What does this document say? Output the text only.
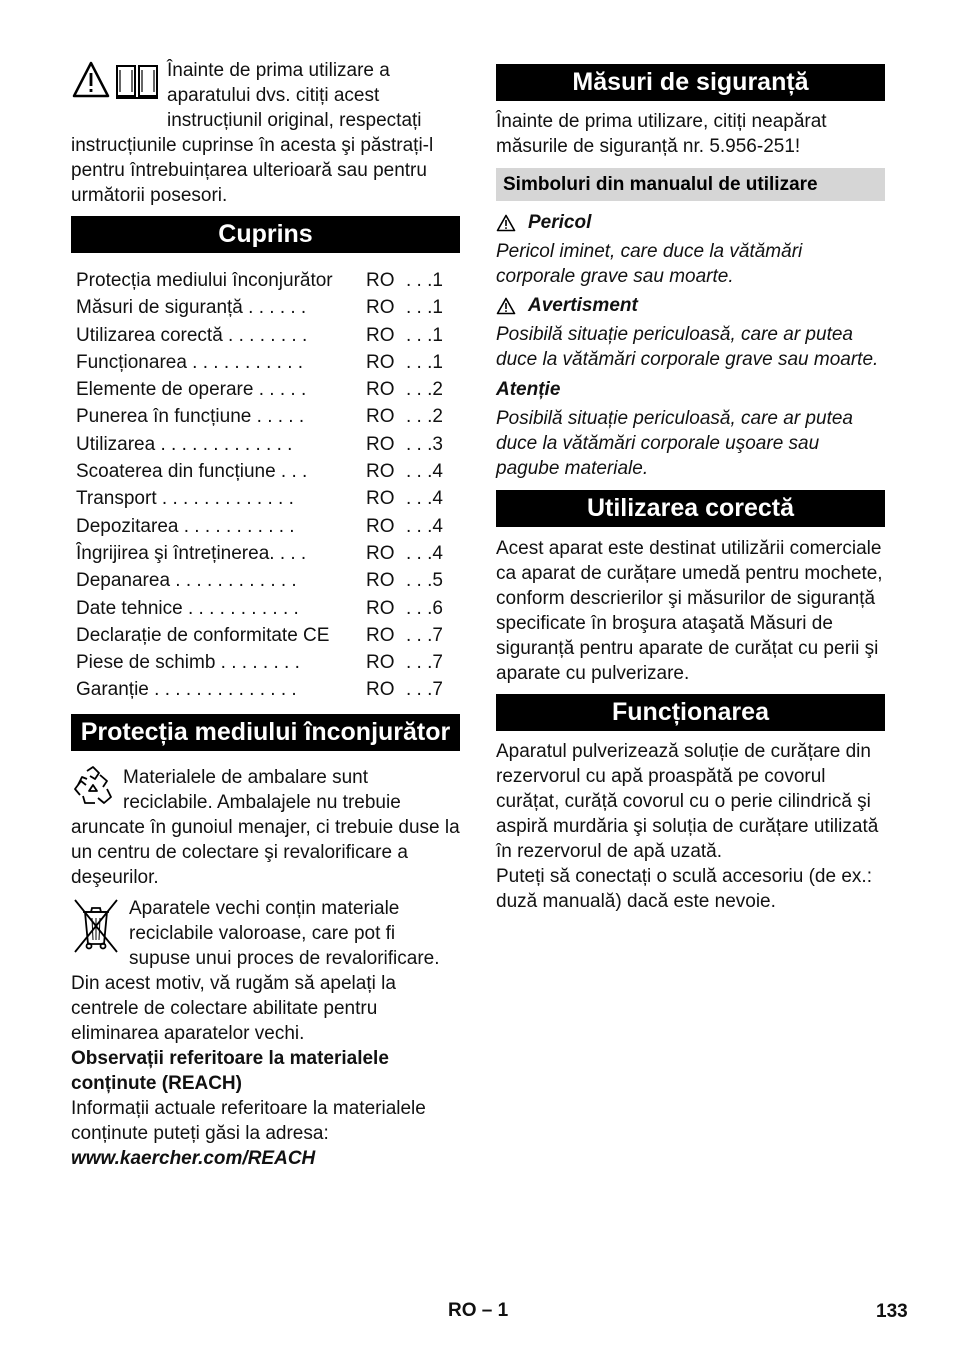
Înainte de prima utilizare a aparatului dvs. citiți acest instrucțiunil original, respectați instrucțiunile cuprinse în acesta şi păstrați-l pentru întrebuințarea ulterioară sau pentru următorii posesori.

Cuprins
Protecția mediului înconjurător	RO . . .1
Măsuri de siguranță . . . . . .	RO . . .1
Utilizarea corectă . . . . . . . .	RO . . .1
Funcționarea . . . . . . . . . . .	RO . . .1
Elemente de operare . . . . .	RO . . .2
Punerea în funcțiune . . . . .	RO . . .2
Utilizarea . . . . . . . . . . . . .	RO . . .3
Scoaterea din funcțiune . . .	RO . . .4
Transport . . . . . . . . . . . . .	RO . . .4
Depozitarea . . . . . . . . . . .	RO . . .4
Îngrijirea şi întreținerea. . . .	RO . . .4
Depanarea . . . . . . . . . . . .	RO . . .5
Date tehnice . . . . . . . . . . .	RO . . .6
Declarație de conformitate CE	RO . . .7
Piese de schimb . . . . . . . .	RO . . .7
Garanție . . . . . . . . . . . . . .	RO . . .7
Protecția mediului înconjurător

Materialele de ambalare sunt reciclabile. Ambalajele nu trebuie aruncate în gunoiul menajer, ci trebuie duse la un centru de colectare şi revalorificare a deşeurilor.

Aparatele vechi conțin materiale reciclabile valoroase, care pot fi supuse unui proces de revalorificare. Din acest motiv, vă rugăm să apelați la centrele de colectare abilitate pentru eliminarea aparatelor vechi.

Observații referitoare la materialele conținute (REACH)

Informații actuale referitoare la materialele conținute puteți găsi la adresa:

www.kaercher.com/REACH

Măsuri de siguranță

Înainte de prima utilizare, citiți neapărat măsurile de siguranță nr. 5.956-251!

Simboluri din manualul de utilizare
Pericol

Pericol iminet, care duce la vătămări corporale grave sau moarte.

Avertisment

Posibilă situație periculoasă, care ar putea duce la vătămări corporale grave sau moarte.

Atenție

Posibilă situație periculoasă, care ar putea duce la vătămări corporale uşoare sau pagube materiale.

Utilizarea corectă

Acest aparat este destinat utilizării comerciale ca aparat de curățare umedă pentru mochete, conform descrierilor şi măsurilor de siguranță specificate în broşura ataşată Măsuri de siguranță pentru aparate de curățat cu perii şi aparate cu pulverizare.

Funcționarea

Aparatul pulverizează soluție de curățare din rezervorul cu apă proaspătă pe covorul curățat, curăță covorul cu o perie cilindrică şi aspiră murdăria şi soluția de curățare utilizată în rezervorul de apă uzată.

Puteți să conectați o sculă accesoriu (de ex.: duză manuală) dacă este nevoie.

RO – 1	133
